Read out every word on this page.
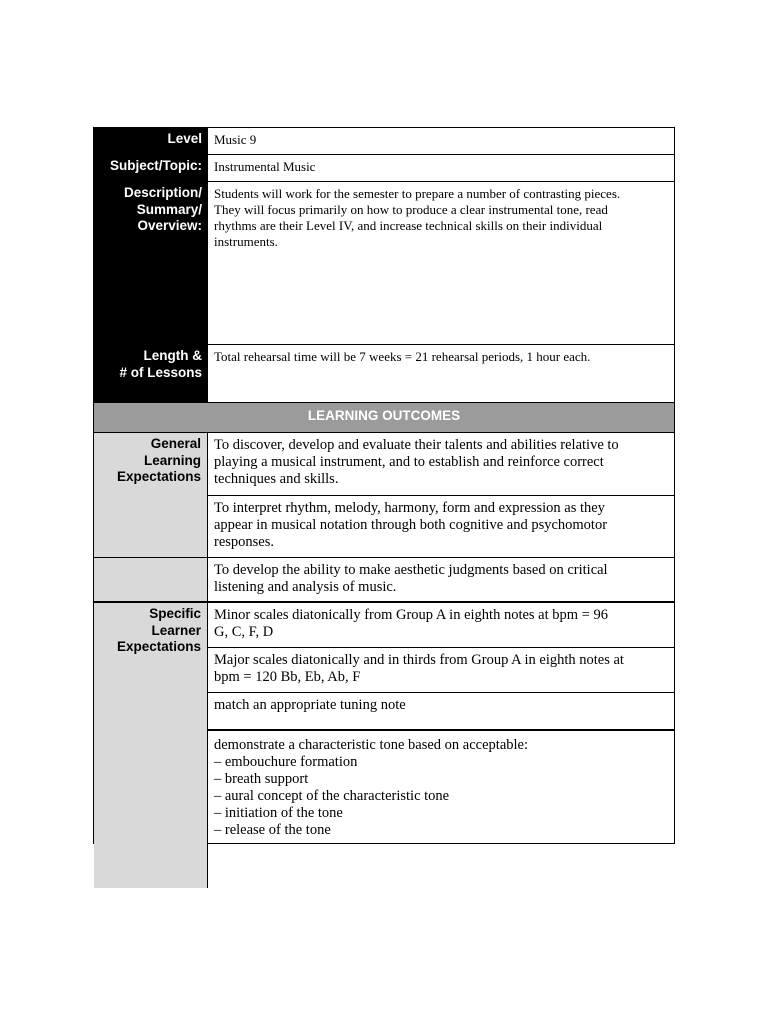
Level Music 9
Subject/Topic: Instrumental Music
Description/
Summary/
Overview:
Students will work for the semester to prepare a number of contrasting pieces.
They will focus primarily on how to produce a clear instrumental tone, read
rhythms are their Level IV, and increase technical skills on their individual
instruments.
Length &
# of Lessons
Total rehearsal time will be 7 weeks = 21 rehearsal periods, 1 hour each.
LEARNING OUTCOMES
General
Learning
Expectations
To discover, develop and evaluate their talents and abilities relative to
playing a musical instrument, and to establish and reinforce correct
techniques and skills.
To interpret rhythm, melody, harmony, form and expression as they
appear in musical notation through both cognitive and psychomotor
responses.
To develop the ability to make aesthetic judgments based on critical
listening and analysis of music.
Specific
Learner
Expectations
Minor scales diatonically from Group A in eighth notes at bpm = 96
G, C, F, D
Major scales diatonically and in thirds from Group A in eighth notes at
bpm = 120 Bb, Eb, Ab, F
match an appropriate tuning note
demonstrate a characteristic tone based on acceptable:
– embouchure formation
– breath support
– aural concept of the characteristic tone
– initiation of the tone
– release of the tone
